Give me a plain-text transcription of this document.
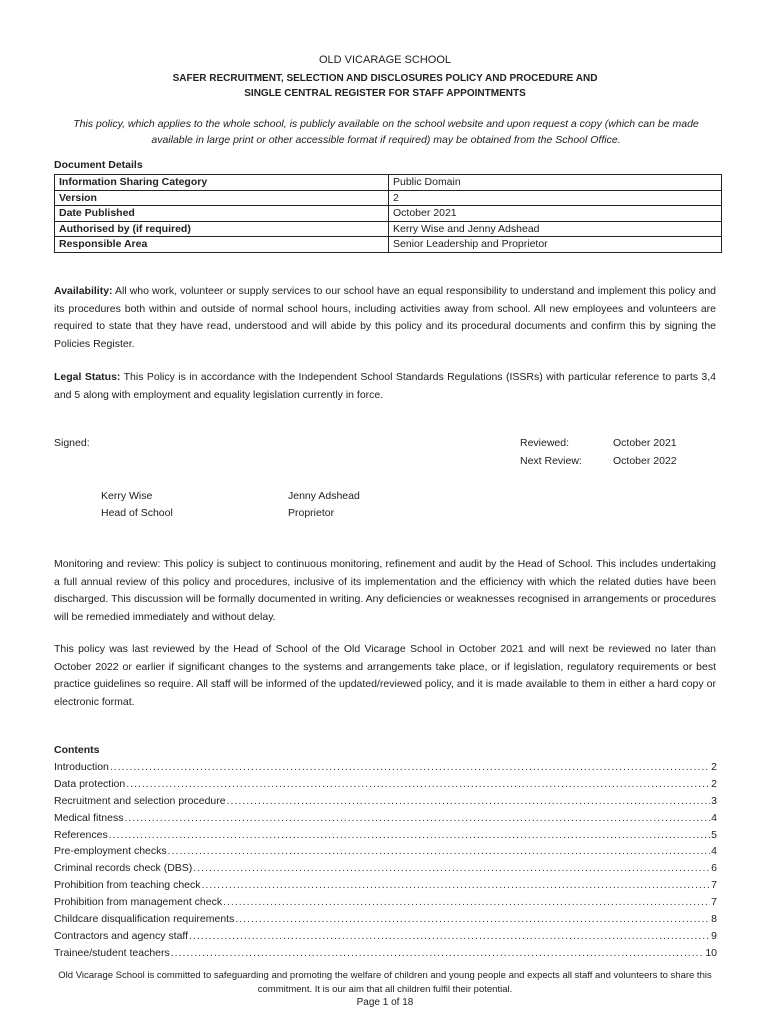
OLD VICARAGE SCHOOL
SAFER RECRUITMENT, SELECTION AND DISCLOSURES POLICY AND PROCEDURE AND
SINGLE CENTRAL REGISTER FOR STAFF APPOINTMENTS
This policy, which applies to the whole school, is publicly available on the school website and upon request a copy (which can be made available in large print or other accessible format if required) may be obtained from the School Office.
Document Details
Information Sharing Category	Public Domain
Version	2
Date Published	October 2021
Authorised by (if required)	Kerry Wise and Jenny Adshead
Responsible Area	Senior Leadership and Proprietor
Availability: All who work, volunteer or supply services to our school have an equal responsibility to understand and implement this policy and its procedures both within and outside of normal school hours, including activities away from school. All new employees and volunteers are required to state that they have read, understood and will abide by this policy and its procedural documents and confirm this by signing the Policies Register.
Legal Status: This Policy is in accordance with the Independent School Standards Regulations (ISSRs) with particular reference to parts 3,4 and 5 along with employment and equality legislation currently in force.
Signed:	Reviewed:	October 2021
Next Review:	October 2022
Kerry Wise
Head of School
Jenny Adshead
Proprietor
Monitoring and review: This policy is subject to continuous monitoring, refinement and audit by the Head of School. This includes undertaking a full annual review of this policy and procedures, inclusive of its implementation and the efficiency with which the related duties have been discharged. This discussion will be formally documented in writing. Any deficiencies or weaknesses recognised in arrangements or procedures will be remedied immediately and without delay.
This policy was last reviewed by the Head of School of the Old Vicarage School in October 2021 and will next be reviewed no later than October 2022 or earlier if significant changes to the systems and arrangements take place, or if legislation, regulatory requirements or best practice guidelines so require. All staff will be informed of the updated/reviewed policy, and it is made available to them in either a hard copy or electronic format.
Contents
Introduction .....	2
Data protection .....	2
Recruitment and selection procedure .....	3
Medical fitness .....	4
References .....	5
Pre-employment checks .....	4
Criminal records check (DBS) .....	6
Prohibition from teaching check .....	7
Prohibition from management check .....	7
Childcare disqualification requirements .....	8
Contractors and agency staff .....	9
Trainee/student teachers .....	10
Old Vicarage School is committed to safeguarding and promoting the welfare of children and young people and expects all staff and volunteers to share this commitment. It is our aim that all children fulfil their potential.
Page 1 of 18
